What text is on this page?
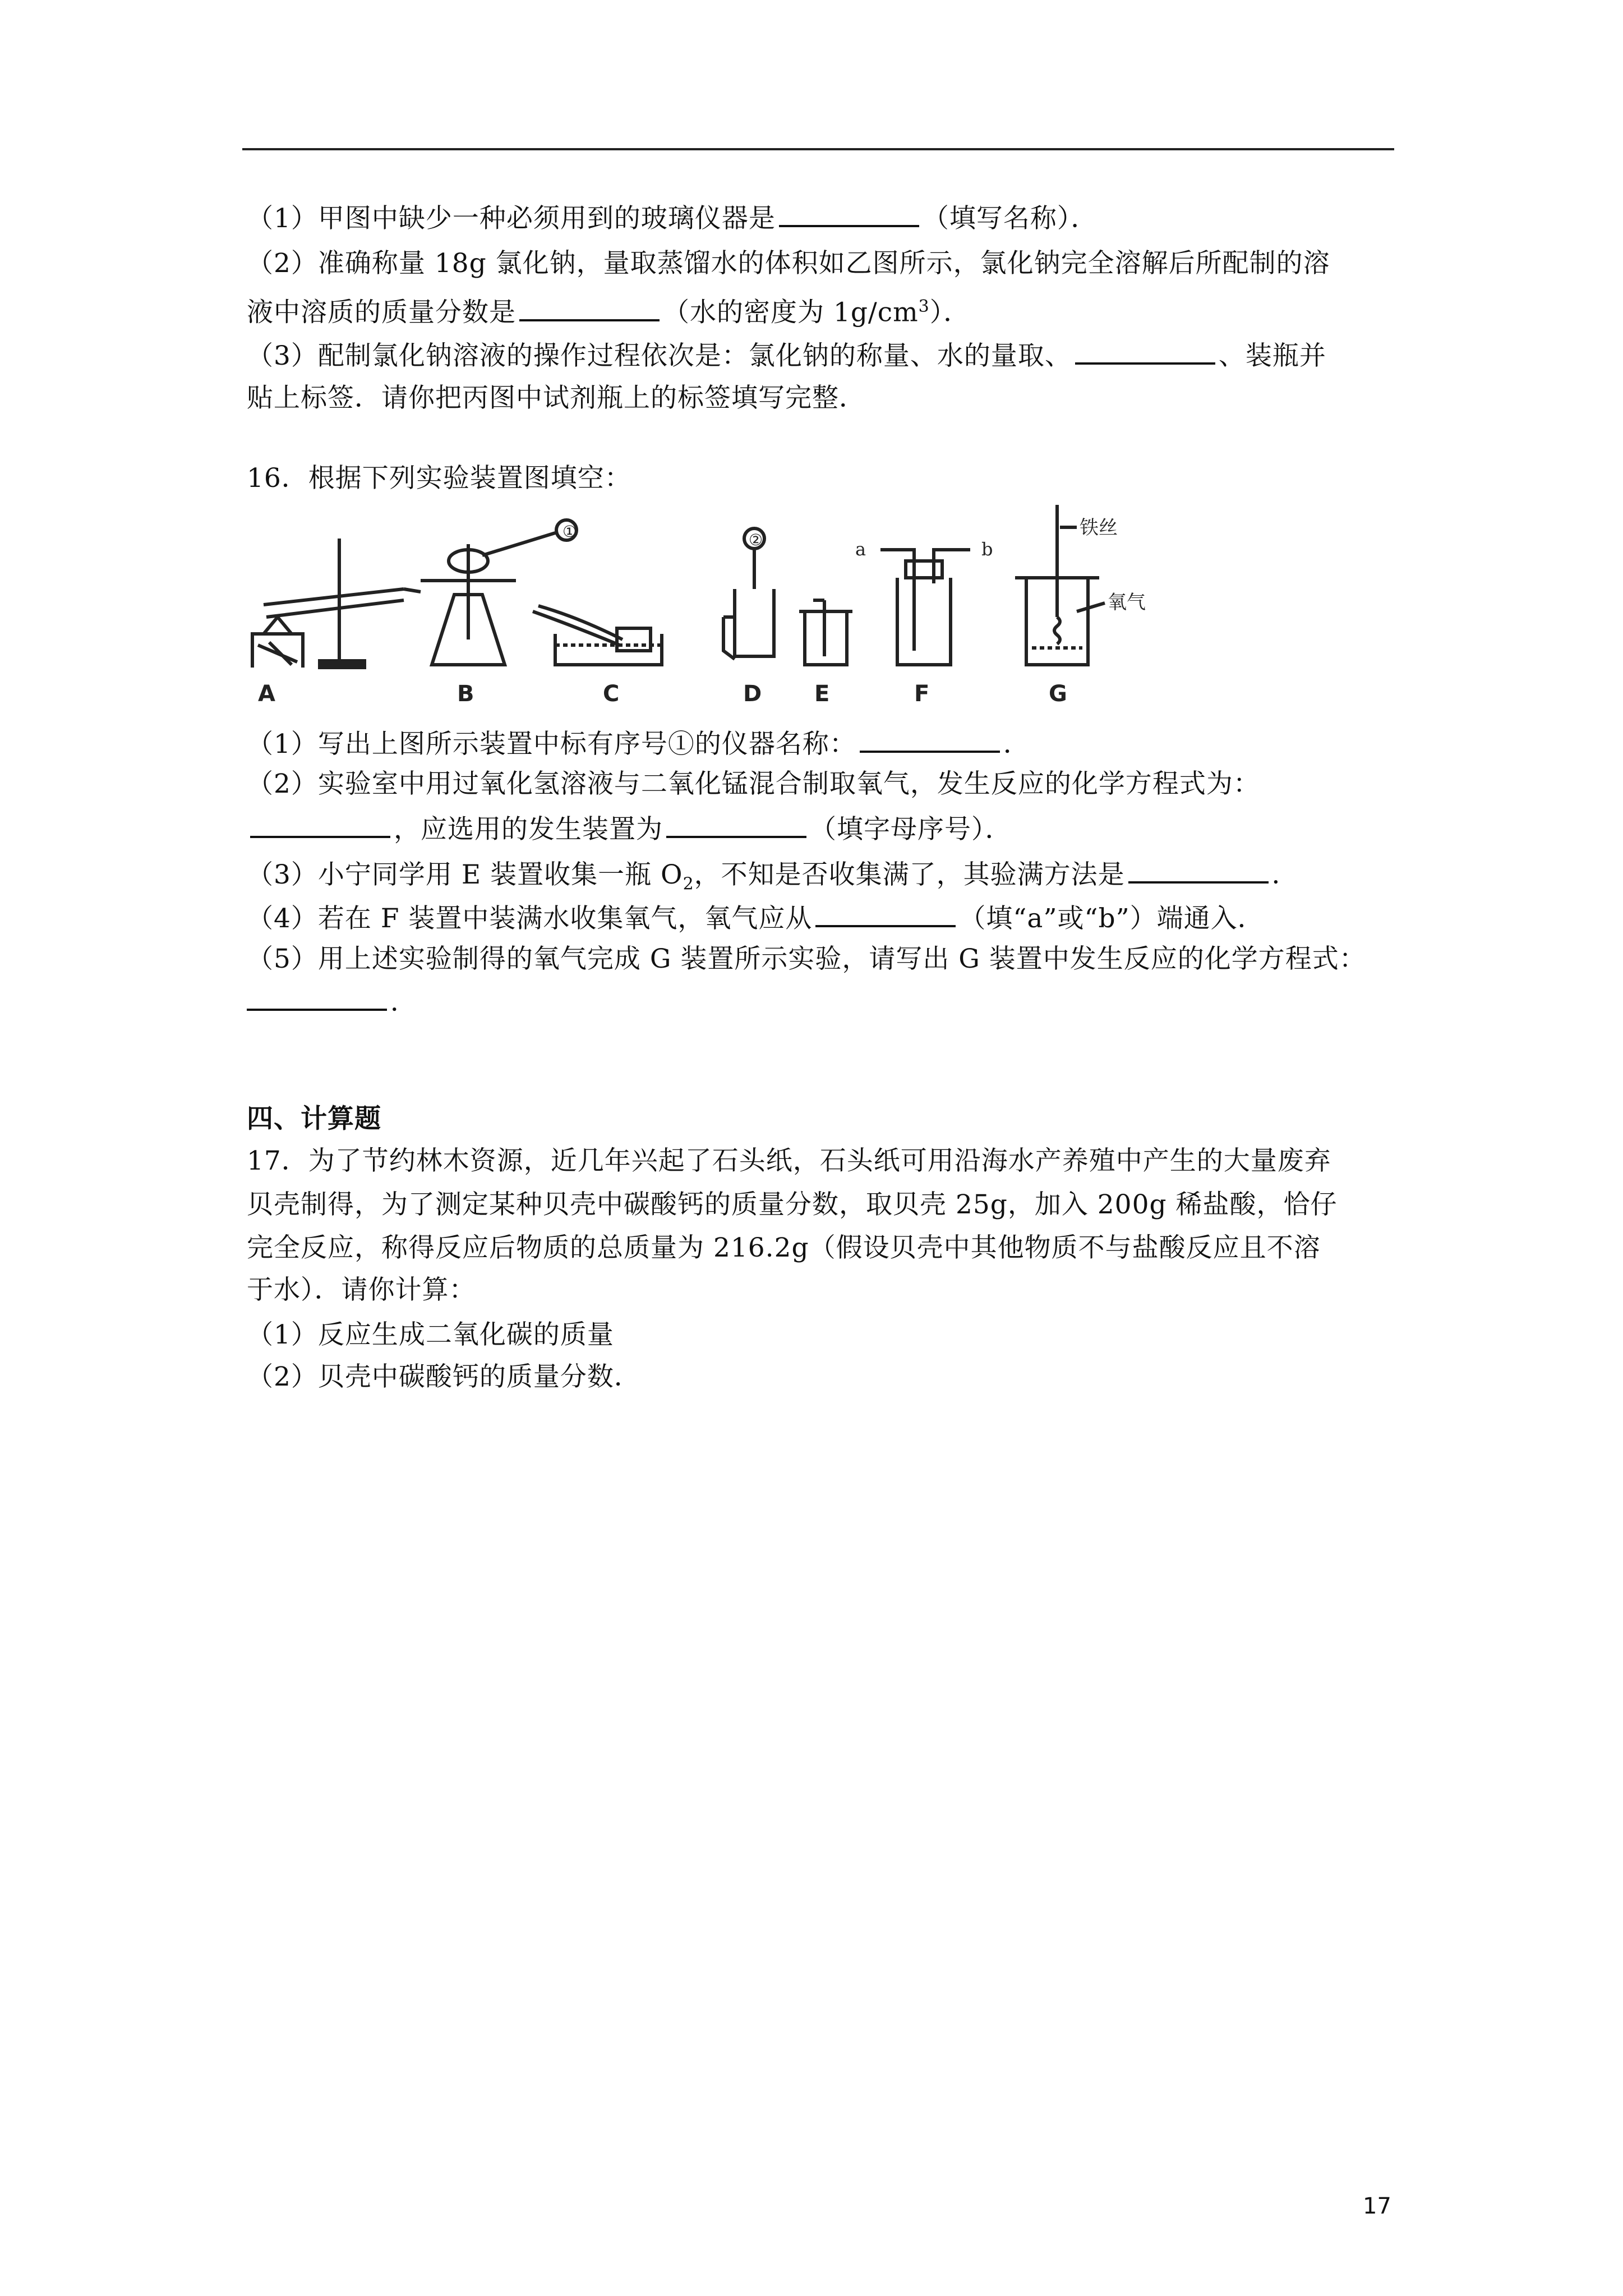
（1）甲图中缺少一种必须用到的玻璃仪器是	（填写名称）．
（2）准确称量 18g 氯化钠，量取蒸馏水的体积如乙图所示，氯化钠完全溶解后所配制的溶
液中溶质的质量分数是	（水的密度为 $1g/cm^3$）．
（3）配制氯化钠溶液的操作过程依次是：氯化钠的称量、水的量取、	、装瓶并
贴上标签．请你把丙图中试剂瓶上的标签填写完整．
16．根据下列实验装置图填空：
A
①
B	C
②
D E
a	b
F
铁丝
氧气
G
（1）写出上图所示装置中标有序号①的仪器名称：	．
（2）实验室中用过氧化氢溶液与二氧化锰混合制取氧气，发生反应的化学方程式为：
，应选用的发生装置为	（填字母序号）．
（3）小宁同学用 E 装置收集一瓶 $O_2$，不知是否收集满了，其验满方法是	．
（4）若在 F 装置中装满水收集氧气，氧气应从	（填“a”或“b”）端通入．
（5）用上述实验制得的氧气完成 G 装置所示实验，请写出 G 装置中发生反应的化学方程式：
．
四、计算题
17．为了节约林木资源，近几年兴起了石头纸，石头纸可用沿海水产养殖中产生的大量废弃
贝壳制得，为了测定某种贝壳中碳酸钙的质量分数，取贝壳 25g，加入 200g 稀盐酸，恰仔
完全反应，称得反应后物质的总质量为 216.2g（假设贝壳中其他物质不与盐酸反应且不溶
于水）．请你计算：
（1）反应生成二氧化碳的质量
（2）贝壳中碳酸钙的质量分数．
17
